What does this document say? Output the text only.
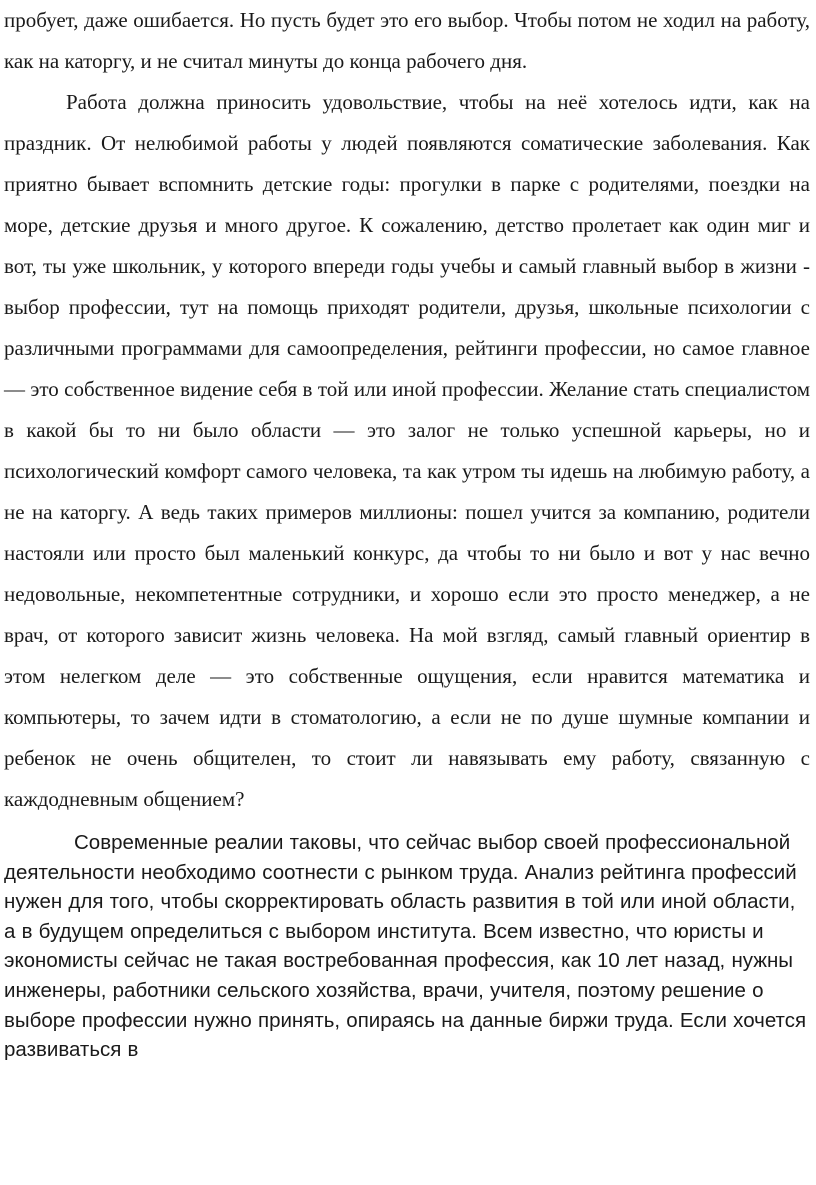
пробует, даже ошибается. Но пусть будет это его выбор. Чтобы потом не ходил на работу, как на каторгу, и не считал минуты до конца рабочего дня.

Работа должна приносить удовольствие, чтобы на неё хотелось идти, как на праздник. От нелюбимой работы у людей появляются соматические заболевания. Как приятно бывает вспомнить детские годы: прогулки в парке с родителями, поездки на море, детские друзья и много другое. К сожалению, детство пролетает как один миг и вот, ты уже школьник, у которого впереди годы учебы и самый главный выбор в жизни - выбор профессии, тут на помощь приходят родители, друзья, школьные психологии с различными программами для самоопределения, рейтинги профессии, но самое главное — это собственное видение себя в той или иной профессии. Желание стать специалистом в какой бы то ни было области — это залог не только успешной карьеры, но и психологический комфорт самого человека, та как утром ты идешь на любимую работу, а не на каторгу. А ведь таких примеров миллионы: пошел учится за компанию, родители настояли или просто был маленький конкурс, да чтобы то ни было и вот у нас вечно недовольные, некомпетентные сотрудники, и хорошо если это просто менеджер, а не врач, от которого зависит жизнь человека. На мой взгляд, самый главный ориентир в этом нелегком деле — это собственные ощущения, если нравится математика и компьютеры, то зачем идти в стоматологию, а если не по душе шумные компании и ребенок не очень общителен, то стоит ли навязывать ему работу, связанную с каждодневным общением?

Современные реалии таковы, что сейчас выбор своей профессиональной деятельности необходимо соотнести с рынком труда. Анализ рейтинга профессий нужен для того, чтобы скорректировать область развития в той или иной области, а в будущем определиться с выбором института. Всем известно, что юристы и экономисты сейчас не такая востребованная профессия, как 10 лет назад, нужны инженеры, работники сельского хозяйства, врачи, учителя, поэтому решение о выборе профессии нужно принять, опираясь на данные биржи труда. Если хочется развиваться в
